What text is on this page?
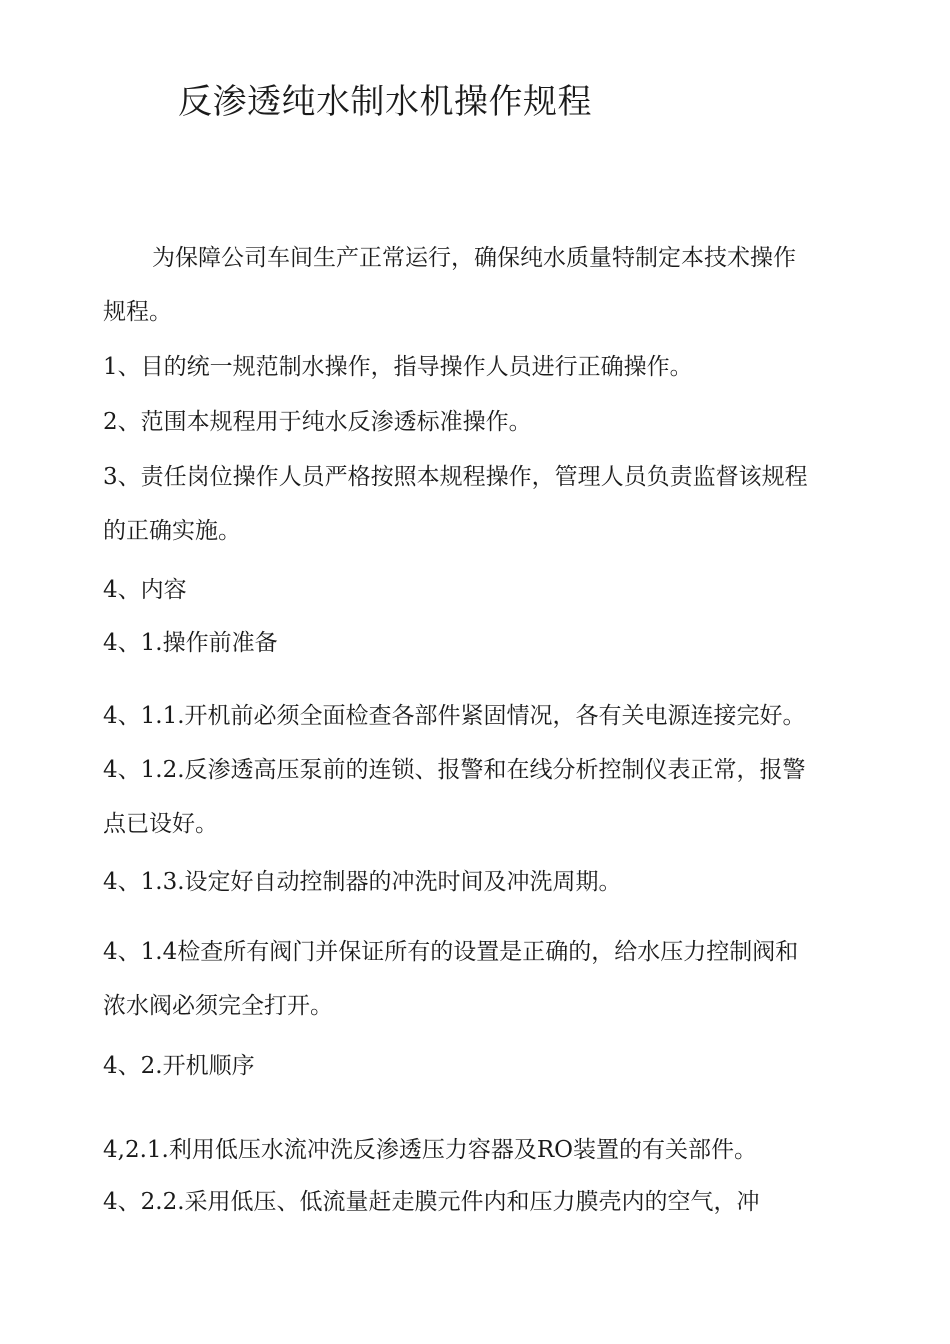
反渗透纯水制水机操作规程

为保障公司车间生产正常运行，确保纯水质量特制定本技术操作

规程。

1、目的统一规范制水操作，指导操作人员进行正确操作。

2、范围本规程用于纯水反渗透标准操作。

3、责任岗位操作人员严格按照本规程操作，管理人员负责监督该规程

的正确实施。

4、内容

4、1.操作前准备

4、1.1.开机前必须全面检查各部件紧固情况，各有关电源连接完好。

4、1.2.反渗透高压泵前的连锁、报警和在线分析控制仪表正常，报警

点已设好。

4、1.3.设定好自动控制器的冲洗时间及冲洗周期。

4、1.4检查所有阀门并保证所有的设置是正确的，给水压力控制阀和

浓水阀必须完全打开。

4、2.开机顺序

4,2.1.利用低压水流冲洗反渗透压力容器及RO装置的有关部件。

4、2.2.采用低压、低流量赶走膜元件内和压力膜壳内的空气，冲
